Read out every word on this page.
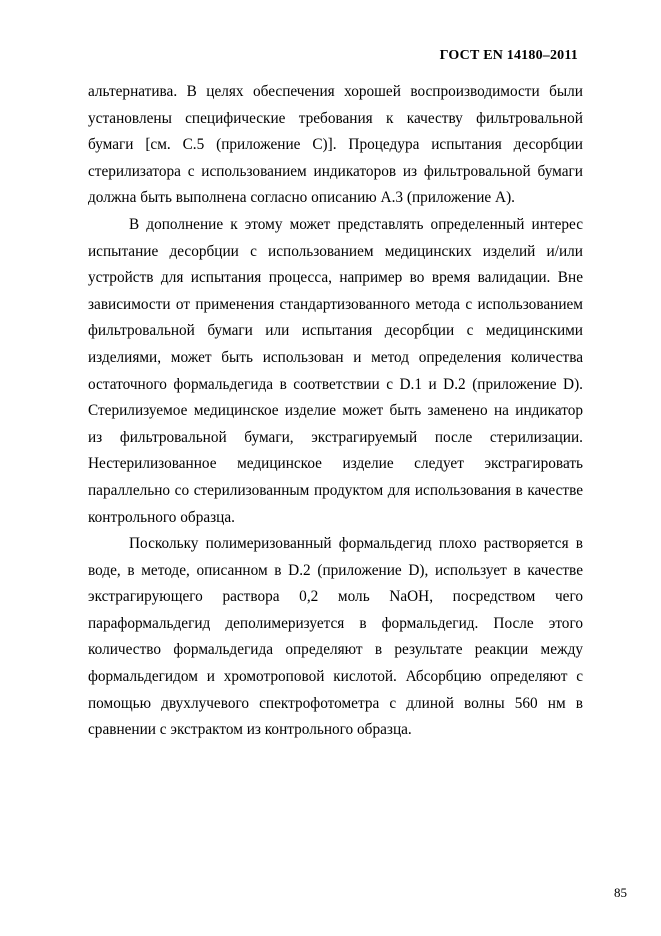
ГОСТ EN 14180–2011

альтернатива. В целях обеспечения хорошей воспроизводимости были установлены специфические требования к качеству фильтровальной бумаги [см. С.5 (приложение С)]. Процедура испытания десорбции стерилизатора с использованием индикаторов из фильтровальной бумаги должна быть выполнена согласно описанию А.3 (приложение А).

В дополнение к этому может представлять определенный интерес испытание десорбции с использованием медицинских изделий и/или устройств для испытания процесса, например во время валидации. Вне зависимости от применения стандартизованного метода с использованием фильтровальной бумаги или испытания десорбции с медицинскими изделиями, может быть использован и метод определения количества остаточного формальдегида в соответствии с D.1 и D.2 (приложение D). Стерилизуемое медицинское изделие может быть заменено на индикатор из фильтровальной бумаги, экстрагируемый после стерилизации. Нестерилизованное медицинское изделие следует экстрагировать параллельно со стерилизованным продуктом для использования в качестве контрольного образца.

Поскольку полимеризованный формальдегид плохо растворяется в воде, в методе, описанном в D.2 (приложение D), использует в качестве экстрагирующего раствора 0,2 моль NaOH, посредством чего параформальдегид деполимеризуется в формальдегид. После этого количество формальдегида определяют в результате реакции между формальдегидом и хромотроповой кислотой. Абсорбцию определяют с помощью двухлучевого спектрофотометра с длиной волны 560 нм в сравнении с экстрактом из контрольного образца.

85
